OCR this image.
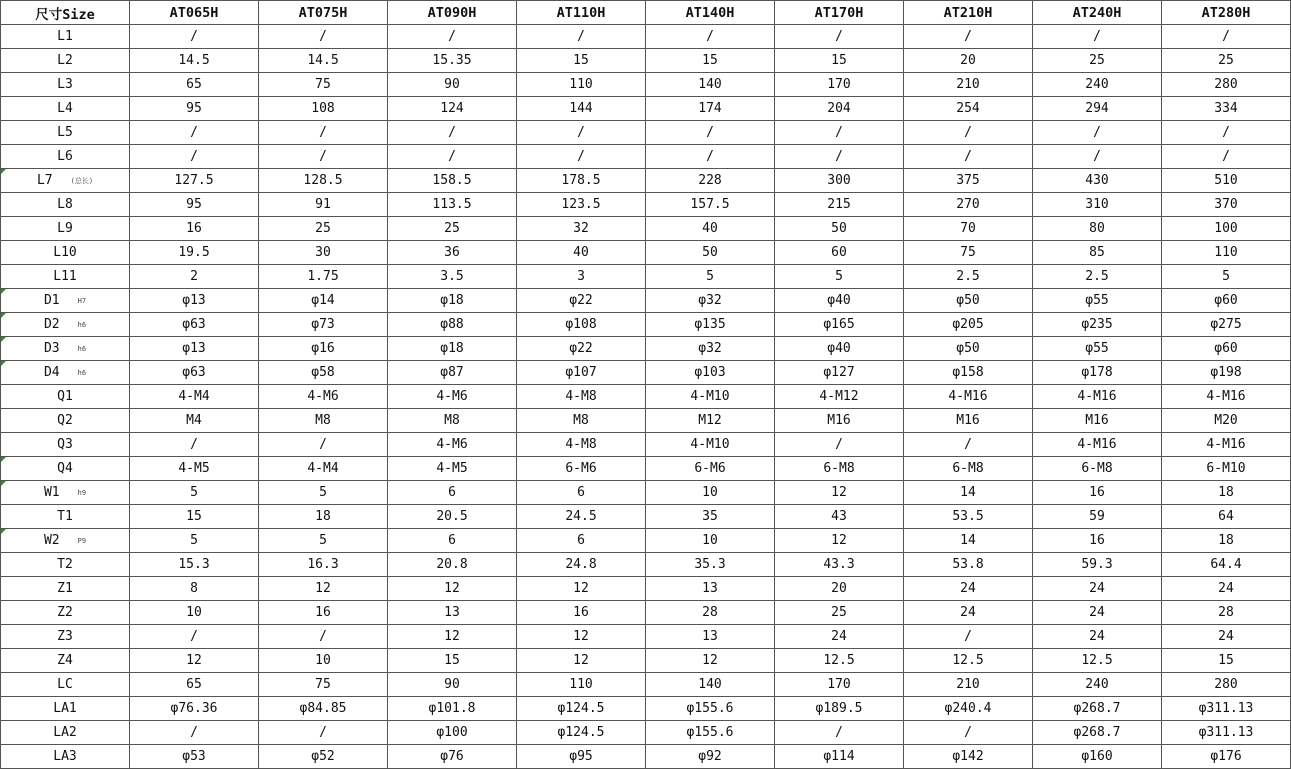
尺寸Size	AT065H	AT075H	AT090H	AT110H	AT140H	AT170H	AT210H	AT240H	AT280H
L1	/	/	/	/	/	/	/	/	/
L2	14.5	14.5	15.35	15	15	15	20	25	25
L3	65	75	90	110	140	170	210	240	280
L4	95	108	124	144	174	204	254	294	334
L5	/	/	/	/	/	/	/	/	/
L6	/	/	/	/	/	/	/	/	/

L7 (总长)	127.5	128.5	158.5	178.5	228	300	375	430	510
L8	95	91	113.5	123.5	157.5	215	270	310	370
L9	16	25	25	32	40	50	70	80	100
L10	19.5	30	36	40	50	60	75	85	110
L11	2	1.75	3.5	3	5	5	2.5	2.5	5

D1 H7	φ13	φ14	φ18	φ22	φ32	φ40	φ50	φ55	φ60

D2 h6	φ63	φ73	φ88	φ108	φ135	φ165	φ205	φ235	φ275

D3 h6	φ13	φ16	φ18	φ22	φ32	φ40	φ50	φ55	φ60

D4 h6	φ63	φ58	φ87	φ107	φ103	φ127	φ158	φ178	φ198
Q1	4-M4	4-M6	4-M6	4-M8	4-M10	4-M12	4-M16	4-M16	4-M16
Q2	M4	M8	M8	M8	M12	M16	M16	M16	M20
Q3	/	/	4-M6	4-M8	4-M10	/	/	4-M16	4-M16

Q4	4-M5	4-M4	4-M5	6-M6	6-M6	6-M8	6-M8	6-M8	6-M10

W1 h9	5	5	6	6	10	12	14	16	18
T1	15	18	20.5	24.5	35	43	53.5	59	64

W2 P9	5	5	6	6	10	12	14	16	18
T2	15.3	16.3	20.8	24.8	35.3	43.3	53.8	59.3	64.4
Z1	8	12	12	12	13	20	24	24	24
Z2	10	16	13	16	28	25	24	24	28
Z3	/	/	12	12	13	24	/	24	24
Z4	12	10	15	12	12	12.5	12.5	12.5	15
LC	65	75	90	110	140	170	210	240	280
LA1	φ76.36	φ84.85	φ101.8	φ124.5	φ155.6	φ189.5	φ240.4	φ268.7	φ311.13
LA2	/	/	φ100	φ124.5	φ155.6	/	/	φ268.7	φ311.13
LA3	φ53	φ52	φ76	φ95	φ92	φ114	φ142	φ160	φ176
